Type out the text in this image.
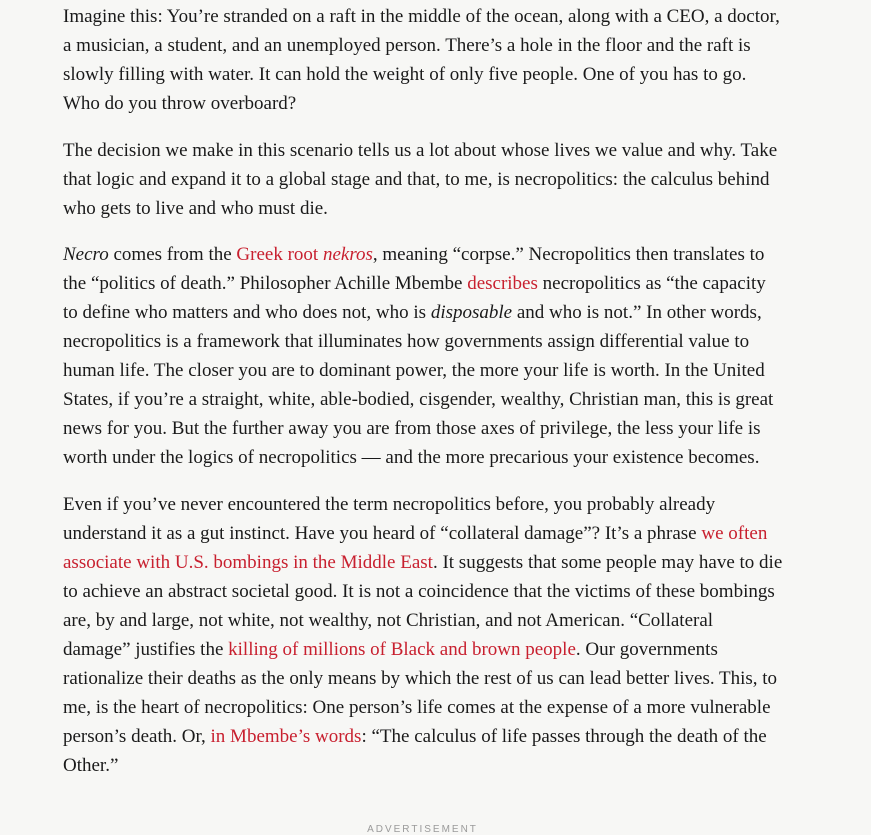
Imagine this: You’re stranded on a raft in the middle of the ocean, along with a CEO, a doctor, a musician, a student, and an unemployed person. There’s a hole in the floor and the raft is slowly filling with water. It can hold the weight of only five people. One of you has to go. Who do you throw overboard?

The decision we make in this scenario tells us a lot about whose lives we value and why. Take that logic and expand it to a global stage and that, to me, is necropolitics: the calculus behind who gets to live and who must die.

Necro comes from the Greek root nekros, meaning “corpse.” Necropolitics then translates to the “politics of death.” Philosopher Achille Mbembe describes necropolitics as “the capacity to define who matters and who does not, who is disposable and who is not.” In other words, necropolitics is a framework that illuminates how governments assign differential value to human life. The closer you are to dominant power, the more your life is worth. In the United States, if you’re a straight, white, able-bodied, cisgender, wealthy, Christian man, this is great news for you. But the further away you are from those axes of privilege, the less your life is worth under the logics of necropolitics — and the more precarious your existence becomes.

Even if you’ve never encountered the term necropolitics before, you probably already understand it as a gut instinct. Have you heard of “collateral damage”? It’s a phrase we often associate with U.S. bombings in the Middle East. It suggests that some people may have to die to achieve an abstract societal good. It is not a coincidence that the victims of these bombings are, by and large, not white, not wealthy, not Christian, and not American. “Collateral damage” justifies the killing of millions of Black and brown people. Our governments rationalize their deaths as the only means by which the rest of us can lead better lives. This, to me, is the heart of necropolitics: One person’s life comes at the expense of a more vulnerable person’s death. Or, in Mbembe’s words: “The calculus of life passes through the death of the Other.”

ADVERTISEMENT
